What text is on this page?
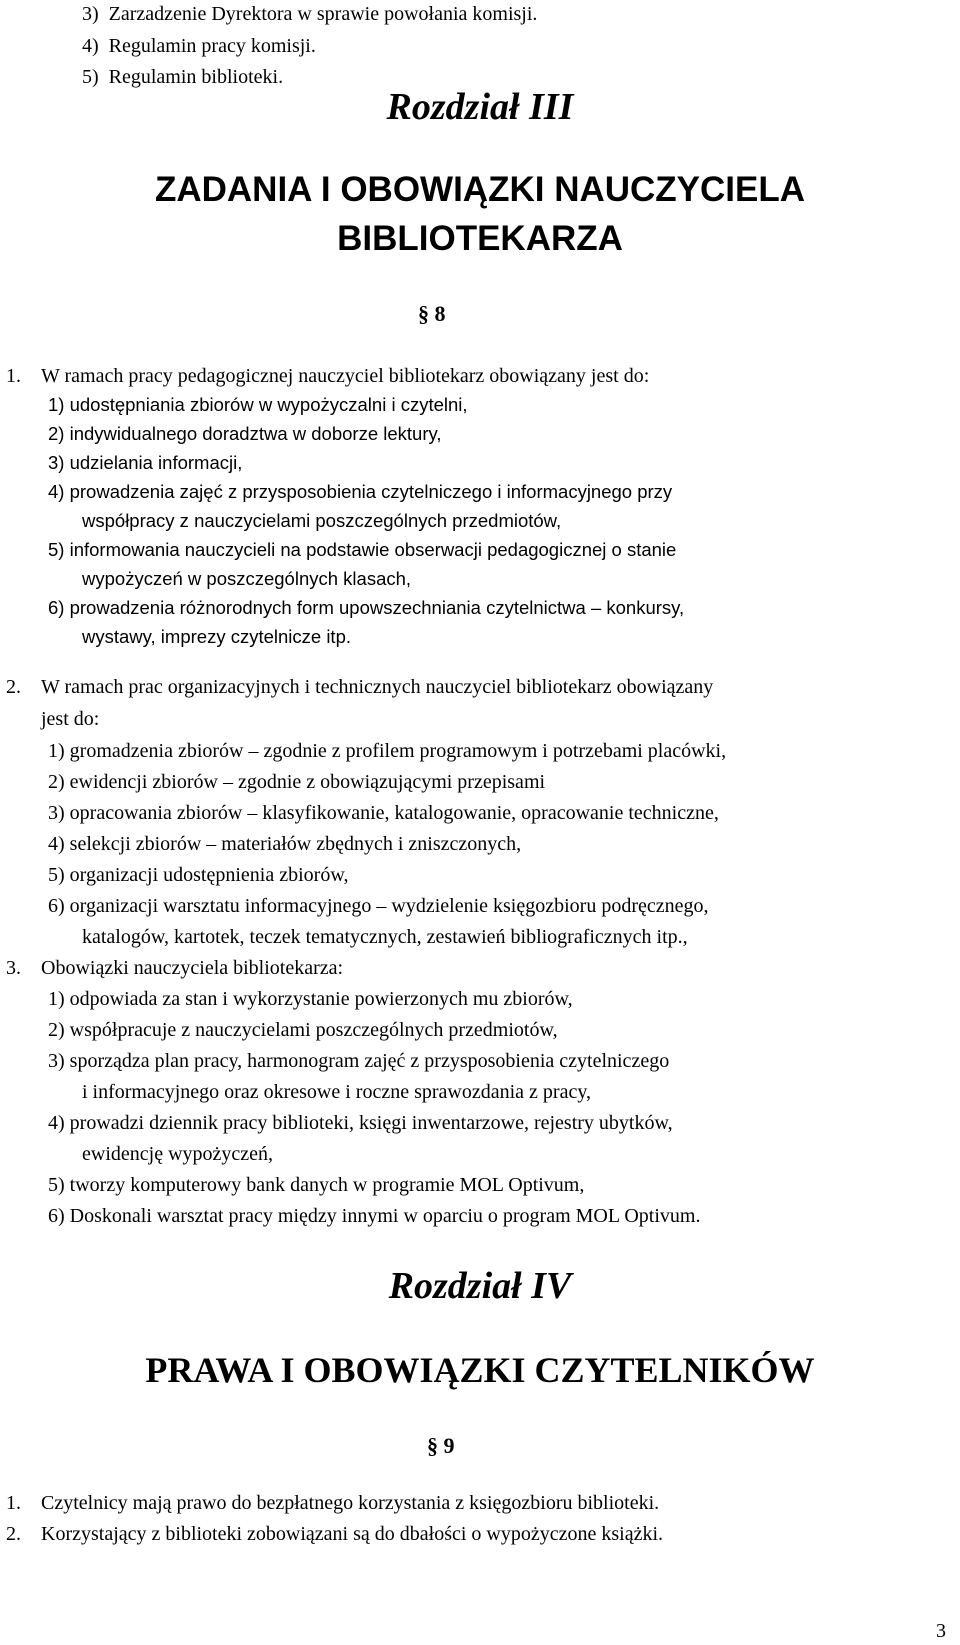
3)  Zarzadzenie Dyrektora w sprawie powołania komisji.

4)  Regulamin pracy komisji.

5)  Regulamin biblioteki.

Rozdział III
ZADANIA I OBOWIĄZKI NAUCZYCIELA
BIBLIOTEKARZA

§ 8

1. W ramach pracy pedagogicznej nauczyciel bibliotekarz obowiązany jest do:

1) udostępniania zbiorów w wypożyczalni i czytelni,

2) indywidualnego doradztwa w doborze lektury,

3) udzielania informacji,

4) prowadzenia zajęć z przysposobienia czytelniczego i informacyjnego przy

współpracy z nauczycielami poszczególnych przedmiotów,

5) informowania nauczycieli na podstawie obserwacji pedagogicznej o stanie

wypożyczeń w poszczególnych klasach,

6) prowadzenia różnorodnych form upowszechniania czytelnictwa – konkursy,

wystawy, imprezy czytelnicze itp.

2. W ramach prac organizacyjnych i technicznych nauczyciel bibliotekarz obowiązany

jest do:

1) gromadzenia zbiorów – zgodnie z profilem programowym i potrzebami placówki,

2) ewidencji zbiorów – zgodnie z obowiązującymi przepisami

3) opracowania zbiorów – klasyfikowanie, katalogowanie, opracowanie techniczne,

4) selekcji zbiorów – materiałów zbędnych i zniszczonych,

5) organizacji udostępnienia zbiorów,

6) organizacji warsztatu informacyjnego – wydzielenie księgozbioru podręcznego,

katalogów, kartotek, teczek tematycznych, zestawień bibliograficznych itp.,

3. Obowiązki nauczyciela bibliotekarza:

1) odpowiada za stan i wykorzystanie powierzonych mu zbiorów,

2) współpracuje z nauczycielami poszczególnych przedmiotów,

3) sporządza plan pracy, harmonogram zajęć z przysposobienia czytelniczego

i informacyjnego oraz okresowe i roczne sprawozdania z pracy,

4) prowadzi dziennik pracy biblioteki, księgi inwentarzowe, rejestry ubytków,

ewidencję wypożyczeń,

5) tworzy komputerowy bank danych w programie MOL Optivum,

6) Doskonali warsztat pracy między innymi w oparciu o program MOL Optivum.

Rozdział IV
PRAWA I OBOWIĄZKI CZYTELNIKÓW

§ 9

1. Czytelnicy mają prawo do bezpłatnego korzystania z księgozbioru biblioteki.

2. Korzystający z biblioteki zobowiązani są do dbałości o wypożyczone książki.

3
